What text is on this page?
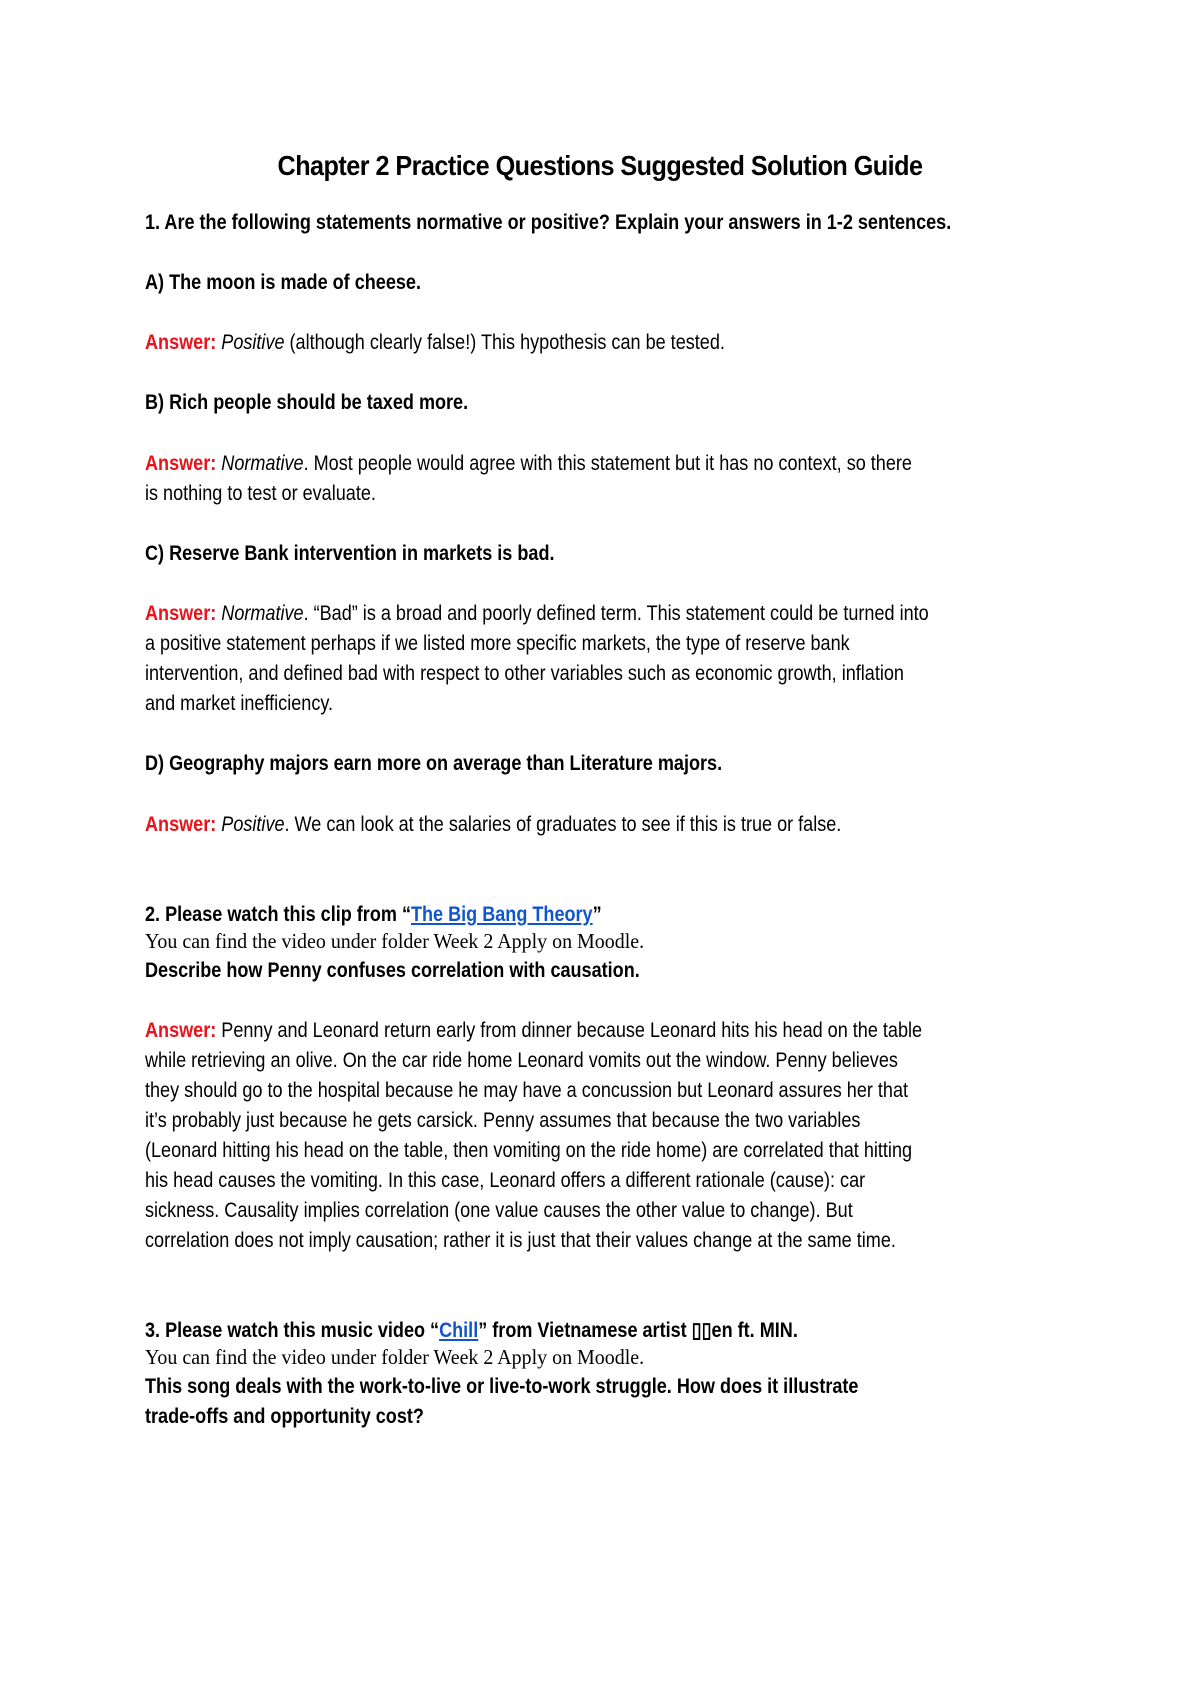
Chapter 2 Practice Questions Suggested Solution Guide
1. Are the following statements normative or positive? Explain your answers in 1-2 sentences.
A) The moon is made of cheese.
Answer: Positive (although clearly false!) This hypothesis can be tested.
B) Rich people should be taxed more.
Answer: Normative. Most people would agree with this statement but it has no context, so there
is nothing to test or evaluate.
C) Reserve Bank intervention in markets is bad.
Answer: Normative. “Bad” is a broad and poorly defined term. This statement could be turned into
a positive statement perhaps if we listed more specific markets, the type of reserve bank
intervention, and defined bad with respect to other variables such as economic growth, inflation
and market inefficiency.
D) Geography majors earn more on average than Literature majors.
Answer: Positive. We can look at the salaries of graduates to see if this is true or false.
2. Please watch this clip from “The Big Bang Theory”
You can find the video under folder Week 2 Apply on Moodle.
Describe how Penny confuses correlation with causation.
Answer: Penny and Leonard return early from dinner because Leonard hits his head on the table
while retrieving an olive. On the car ride home Leonard vomits out the window. Penny believes
they should go to the hospital because he may have a concussion but Leonard assures her that
it’s probably just because he gets carsick. Penny assumes that because the two variables
(Leonard hitting his head on the table, then vomiting on the ride home) are correlated that hitting
his head causes the vomiting. In this case, Leonard offers a different rationale (cause): car
sickness. Causality implies correlation (one value causes the other value to change). But
correlation does not imply causation; rather it is just that their values change at the same time.
3. Please watch this music video “Chill” from Vietnamese artist ▯▯en ft. MIN.
You can find the video under folder Week 2 Apply on Moodle.
This song deals with the work-to-live or live-to-work struggle. How does it illustrate
trade-offs and opportunity cost?
